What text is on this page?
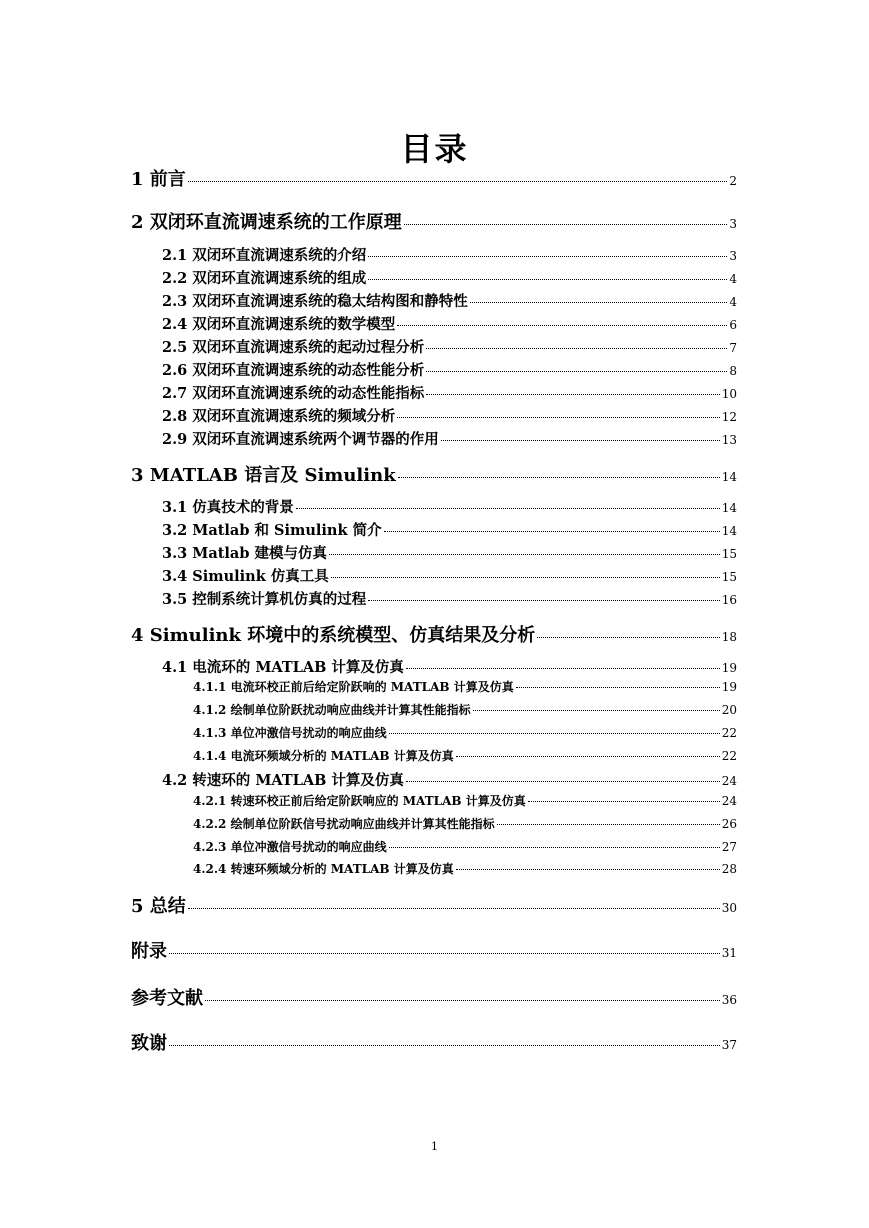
目录
1 前言	2
2 双闭环直流调速系统的工作原理	3
2.1 双闭环直流调速系统的介绍	3
2.2 双闭环直流调速系统的组成	4
2.3 双闭环直流调速系统的稳太结构图和静特性	4
2.4 双闭环直流调速系统的数学模型	6
2.5 双闭环直流调速系统的起动过程分析	7
2.6 双闭环直流调速系统的动态性能分析	8
2.7 双闭环直流调速系统的动态性能指标	10
2.8 双闭环直流调速系统的频域分析	12
2.9 双闭环直流调速系统两个调节器的作用	13
3 MATLAB 语言及 Simulink	14
3.1 仿真技术的背景	14
3.2 Matlab 和 Simulink 简介	14
3.3 Matlab 建模与仿真	15
3.4 Simulink 仿真工具	15
3.5 控制系统计算机仿真的过程	16
4 Simulink 环境中的系统模型、仿真结果及分析	18
4.1 电流环的 MATLAB 计算及仿真	19
4.1.1 电流环校正前后给定阶跃响的 MATLAB 计算及仿真	19
4.1.2 绘制单位阶跃扰动响应曲线并计算其性能指标	20
4.1.3 单位冲激信号扰动的响应曲线	22
4.1.4 电流环频域分析的 MATLAB 计算及仿真	22
4.2 转速环的 MATLAB 计算及仿真	24
4.2.1 转速环校正前后给定阶跃响应的 MATLAB 计算及仿真	24
4.2.2 绘制单位阶跃信号扰动响应曲线并计算其性能指标	26
4.2.3 单位冲激信号扰动的响应曲线	27
4.2.4 转速环频域分析的 MATLAB 计算及仿真	28
5 总结	30
附录	31
参考文献	36
致谢	37
1
